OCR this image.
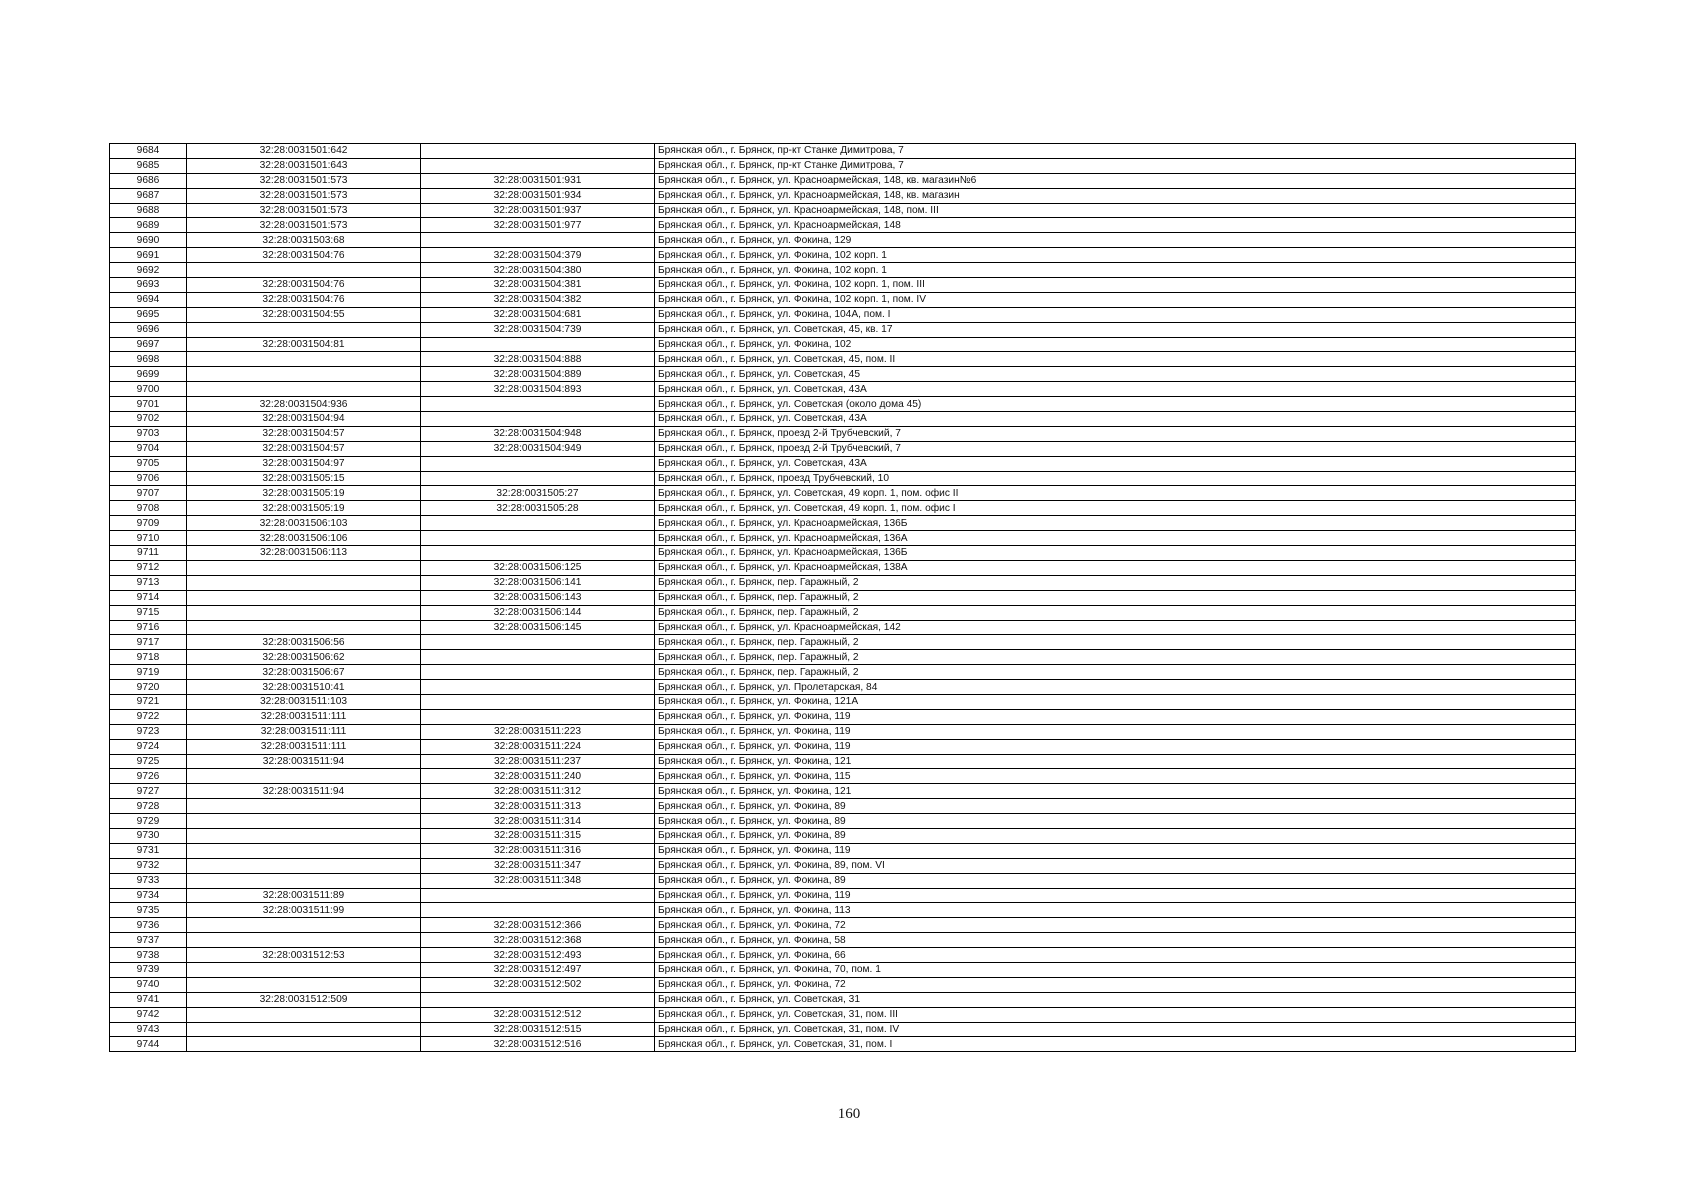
9684	32:28:0031501:642		Брянская обл., г. Брянск, пр-кт Станке Димитрова, 7
9685	32:28:0031501:643		Брянская обл., г. Брянск, пр-кт Станке Димитрова, 7
9686	32:28:0031501:573	32:28:0031501:931	Брянская обл., г. Брянск, ул. Красноармейская, 148, кв. магазин№6
9687	32:28:0031501:573	32:28:0031501:934	Брянская обл., г. Брянск, ул. Красноармейская, 148, кв. магазин
9688	32:28:0031501:573	32:28:0031501:937	Брянская обл., г. Брянск, ул. Красноармейская, 148, пом. III
9689	32:28:0031501:573	32:28:0031501:977	Брянская обл., г. Брянск, ул. Красноармейская, 148
9690	32:28:0031503:68		Брянская обл., г. Брянск, ул. Фокина, 129
9691	32:28:0031504:76	32:28:0031504:379	Брянская обл., г. Брянск, ул. Фокина, 102 корп. 1
9692		32:28:0031504:380	Брянская обл., г. Брянск, ул. Фокина, 102 корп. 1
9693	32:28:0031504:76	32:28:0031504:381	Брянская обл., г. Брянск, ул. Фокина, 102 корп. 1, пом. III
9694	32:28:0031504:76	32:28:0031504:382	Брянская обл., г. Брянск, ул. Фокина, 102 корп. 1, пом. IV
9695	32:28:0031504:55	32:28:0031504:681	Брянская обл., г. Брянск, ул. Фокина, 104А, пом. I
9696		32:28:0031504:739	Брянская обл., г. Брянск, ул. Советская, 45, кв. 17
9697	32:28:0031504:81		Брянская обл., г. Брянск, ул. Фокина, 102
9698		32:28:0031504:888	Брянская обл., г. Брянск, ул. Советская, 45, пом. II
9699		32:28:0031504:889	Брянская обл., г. Брянск, ул. Советская, 45
9700		32:28:0031504:893	Брянская обл., г. Брянск, ул. Советская, 43А
9701	32:28:0031504:936		Брянская обл., г. Брянск, ул. Советская (около дома 45)
9702	32:28:0031504:94		Брянская обл., г. Брянск, ул. Советская, 43А
9703	32:28:0031504:57	32:28:0031504:948	Брянская обл., г. Брянск, проезд 2-й Трубчевский, 7
9704	32:28:0031504:57	32:28:0031504:949	Брянская обл., г. Брянск, проезд 2-й Трубчевский, 7
9705	32:28:0031504:97		Брянская обл., г. Брянск, ул. Советская, 43А
9706	32:28:0031505:15		Брянская обл., г. Брянск, проезд Трубчевский, 10
9707	32:28:0031505:19	32:28:0031505:27	Брянская обл., г. Брянск, ул. Советская, 49 корп. 1, пом. офис II
9708	32:28:0031505:19	32:28:0031505:28	Брянская обл., г. Брянск, ул. Советская, 49 корп. 1, пом. офис I
9709	32:28:0031506:103		Брянская обл., г. Брянск, ул. Красноармейская, 136Б
9710	32:28:0031506:106		Брянская обл., г. Брянск, ул. Красноармейская, 136А
9711	32:28:0031506:113		Брянская обл., г. Брянск, ул. Красноармейская, 136Б
9712		32:28:0031506:125	Брянская обл., г. Брянск, ул. Красноармейская, 138А
9713		32:28:0031506:141	Брянская обл., г. Брянск, пер. Гаражный, 2
9714		32:28:0031506:143	Брянская обл., г. Брянск, пер. Гаражный, 2
9715		32:28:0031506:144	Брянская обл., г. Брянск, пер. Гаражный, 2
9716		32:28:0031506:145	Брянская обл., г. Брянск, ул. Красноармейская, 142
9717	32:28:0031506:56		Брянская обл., г. Брянск, пер. Гаражный, 2
9718	32:28:0031506:62		Брянская обл., г. Брянск, пер. Гаражный, 2
9719	32:28:0031506:67		Брянская обл., г. Брянск, пер. Гаражный, 2
9720	32:28:0031510:41		Брянская обл., г. Брянск, ул. Пролетарская, 84
9721	32:28:0031511:103		Брянская обл., г. Брянск, ул. Фокина, 121А
9722	32:28:0031511:111		Брянская обл., г. Брянск, ул. Фокина, 119
9723	32:28:0031511:111	32:28:0031511:223	Брянская обл., г. Брянск, ул. Фокина, 119
9724	32:28:0031511:111	32:28:0031511:224	Брянская обл., г. Брянск, ул. Фокина, 119
9725	32:28:0031511:94	32:28:0031511:237	Брянская обл., г. Брянск, ул. Фокина, 121
9726		32:28:0031511:240	Брянская обл., г. Брянск, ул. Фокина, 115
9727	32:28:0031511:94	32:28:0031511:312	Брянская обл., г. Брянск, ул. Фокина, 121
9728		32:28:0031511:313	Брянская обл., г. Брянск, ул. Фокина, 89
9729		32:28:0031511:314	Брянская обл., г. Брянск, ул. Фокина, 89
9730		32:28:0031511:315	Брянская обл., г. Брянск, ул. Фокина, 89
9731		32:28:0031511:316	Брянская обл., г. Брянск, ул. Фокина, 119
9732		32:28:0031511:347	Брянская обл., г. Брянск, ул. Фокина, 89, пом. VI
9733		32:28:0031511:348	Брянская обл., г. Брянск, ул. Фокина, 89
9734	32:28:0031511:89		Брянская обл., г. Брянск, ул. Фокина, 119
9735	32:28:0031511:99		Брянская обл., г. Брянск, ул. Фокина, 113
9736		32:28:0031512:366	Брянская обл., г. Брянск, ул. Фокина, 72
9737		32:28:0031512:368	Брянская обл., г. Брянск, ул. Фокина, 58
9738	32:28:0031512:53	32:28:0031512:493	Брянская обл., г. Брянск, ул. Фокина, 66
9739		32:28:0031512:497	Брянская обл., г. Брянск, ул. Фокина, 70, пом. 1
9740		32:28:0031512:502	Брянская обл., г. Брянск, ул. Фокина, 72
9741	32:28:0031512:509		Брянская обл., г. Брянск, ул. Советская, 31
9742		32:28:0031512:512	Брянская обл., г. Брянск, ул. Советская, 31, пом. III
9743		32:28:0031512:515	Брянская обл., г. Брянск, ул. Советская, 31, пом. IV
9744		32:28:0031512:516	Брянская обл., г. Брянск, ул. Советская, 31, пом. I
160
